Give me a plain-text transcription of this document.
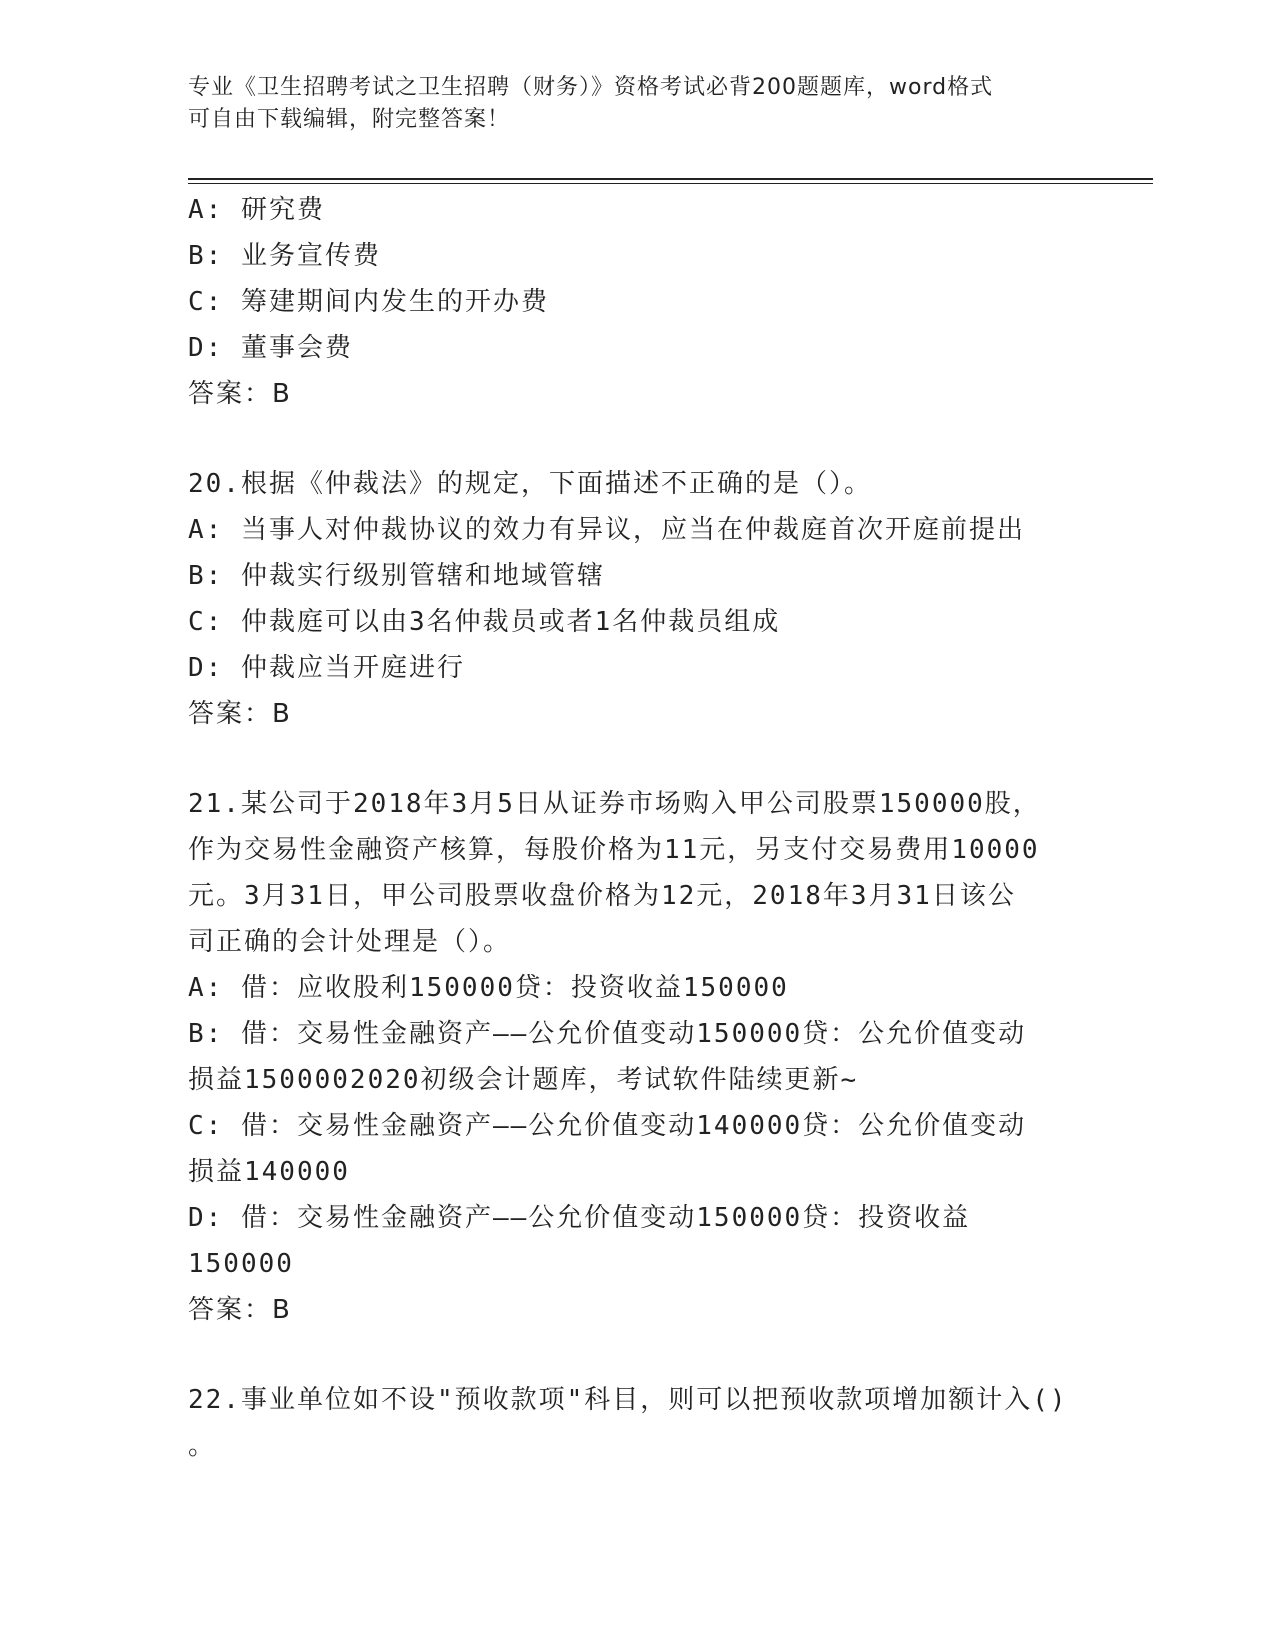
专业《卫生招聘考试之卫生招聘（财务）》资格考试必背200题题库，word格式
可自由下载编辑，附完整答案！
A: 研究费
B: 业务宣传费
C: 筹建期间内发生的开办费
D: 董事会费
答案：B
20.根据《仲裁法》的规定，下面描述不正确的是（）。
A: 当事人对仲裁协议的效力有异议，应当在仲裁庭首次开庭前提出
B: 仲裁实行级别管辖和地域管辖
C: 仲裁庭可以由3名仲裁员或者1名仲裁员组成
D: 仲裁应当开庭进行
答案：B
21.某公司于2018年3月5日从证券市场购入甲公司股票150000股，
作为交易性金融资产核算，每股价格为11元，另支付交易费用10000
元。3月31日，甲公司股票收盘价格为12元，2018年3月31日该公
司正确的会计处理是（）。
A: 借：应收股利150000贷：投资收益150000
B: 借：交易性金融资产——公允价值变动150000贷：公允价值变动
损益1500002020初级会计题库，考试软件陆续更新~
C: 借：交易性金融资产——公允价值变动140000贷：公允价值变动
损益140000
D: 借：交易性金融资产——公允价值变动150000贷：投资收益
150000
答案：B
22.事业单位如不设"预收款项"科目，则可以把预收款项增加额计入()
。
